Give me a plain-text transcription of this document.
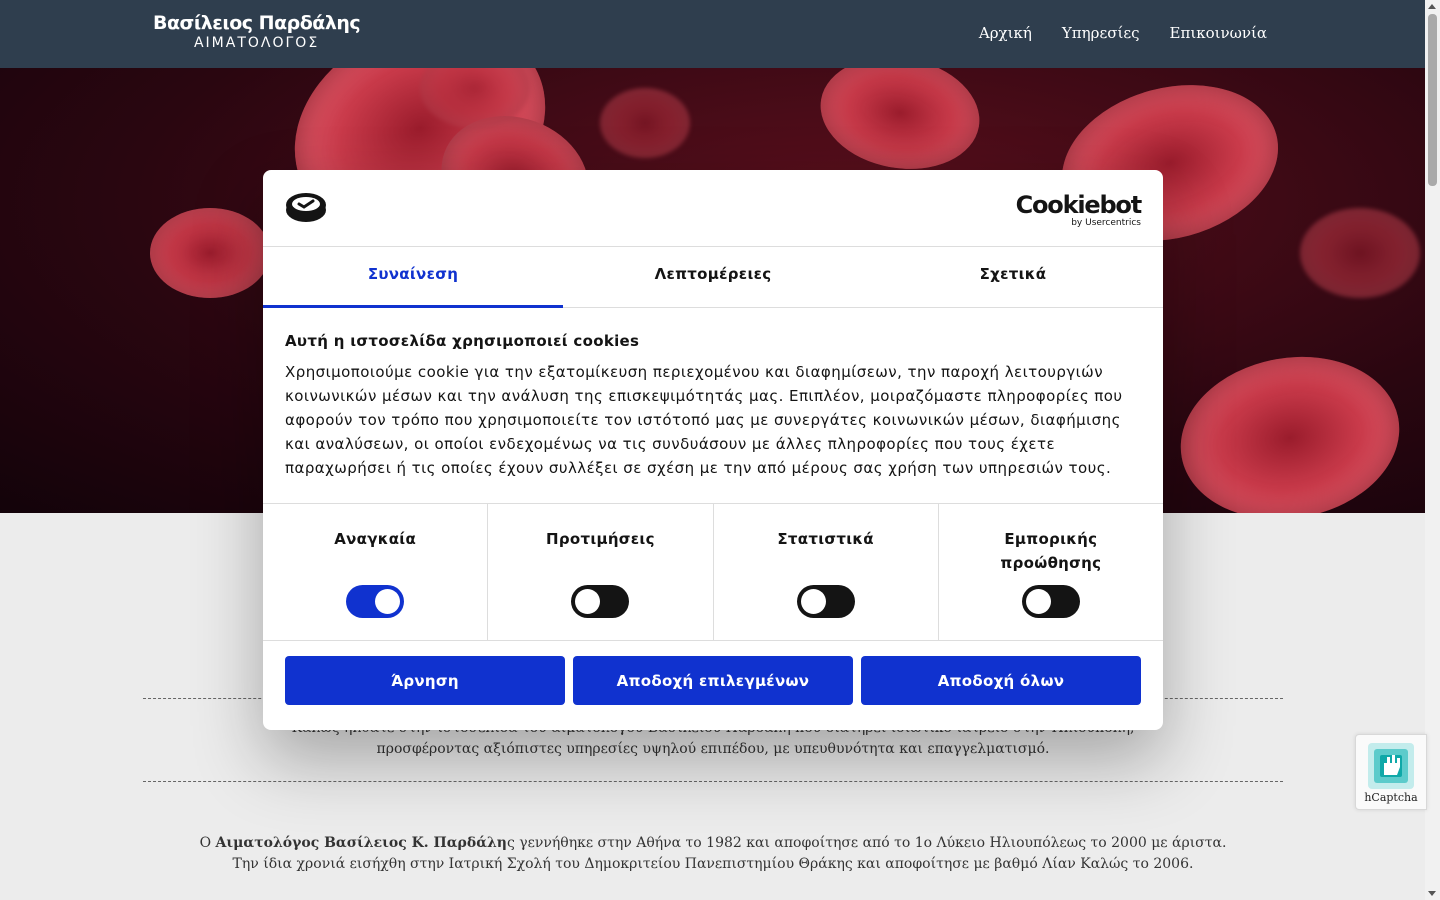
Βασίλειος Παρδάλης
ΑΙΜΑΤΟΛΟΓΟΣ
Αρχική Υπηρεσίες Επικοινωνία
προσφέροντας αξιόπιστες υπηρεσίες υψηλού επιπέδου, με υπευθυνότητα και επαγγελματισμό.
Ο Αιματολόγος Βασίλειος Κ. Παρδάλης γεννήθηκε στην Αθήνα το 1982 και αποφοίτησε από το 1ο Λύκειο Ηλιουπόλεως το 2000 με άριστα.
Την ίδια χρονιά εισήχθη στην Ιατρική Σχολή του Δημοκριτείου Πανεπιστημίου Θράκης και αποφοίτησε με βαθμό Λίαν Καλώς το 2006.
Cookiebot
by Usercentrics
Συναίνεση	Λεπτομέρειες	Σχετικά
Αυτή η ιστοσελίδα χρησιμοποιεί cookies
Χρησιμοποιούμε cookie για την εξατομίκευση περιεχομένου και διαφημίσεων, την παροχή λειτουργιών κοινωνικών μέσων και την ανάλυση της επισκεψιμότητάς μας. Επιπλέον, μοιραζόμαστε πληροφορίες που αφορούν τον τρόπο που χρησιμοποιείτε τον ιστότοπό μας με συνεργάτες κοινωνικών μέσων, διαφήμισης και αναλύσεων, οι οποίοι ενδεχομένως να τις συνδυάσουν με άλλες πληροφορίες που τους έχετε παραχωρήσει ή τις οποίες έχουν συλλέξει σε σχέση με την από μέρους σας χρήση των υπηρεσιών τους.
Αναγκαία	Προτιμήσεις	Στατιστικά	Εμπορικής προώθησης
Άρνηση	Αποδοχή επιλεγμένων	Αποδοχή όλων
hCaptcha
